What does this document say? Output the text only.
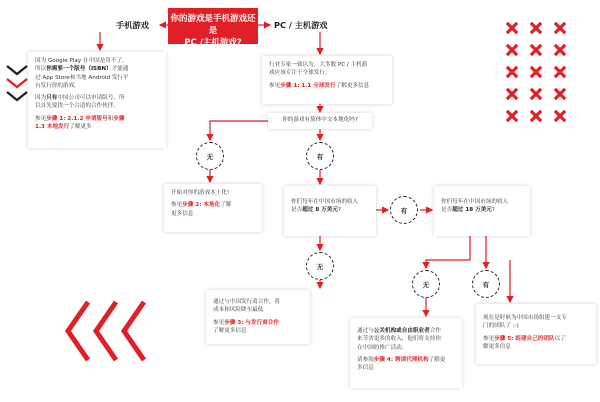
你的游戏是手机游戏还是
PC /主机游戏?
手机游戏	PC / 主机游戏
因为 Google Play 在中国是用不了,
所以你需要一个版号（ISBN）才能通
过 App Store和当地 Android 发行平
台发行你的游戏。
因为只有中国公司可以申请版号，所
以首先要找一个合适的合作伙伴。
参见步骤 1: 2.1.2 申请版号和步骤
1.3 本地发行了解更多
行业专家一致认为，大多数 PC / 主机游
戏应该专注于全球发行。
参见步骤 1: 1.1 全球发行了解更多信息
你的游戏有简体中文本地化吗?
无	有
开始对你的游戏本土化!
参见步骤 2: 本地化了解
更多信息
你们每年在中国市场的收入
是否超过 8 万美元?	有
你们每年在中国市场的收入
是否超过 18 万美元?
无
通过与中国发行商合作，将
成本和风险降至最低
参见步骤 3: 与发行商合作
了解更多信息
无	有
通过与公关机构或自由职业者合作
来节省更多的收入，他们将支持你
在中国的推广活动。
请参阅步骤 4: 聘请代理机构了解更
多信息
现在是时候为中国市场组建一支专
门的团队了 ;-)
参见步骤 5: 组建自己的团队以了
解更多信息
